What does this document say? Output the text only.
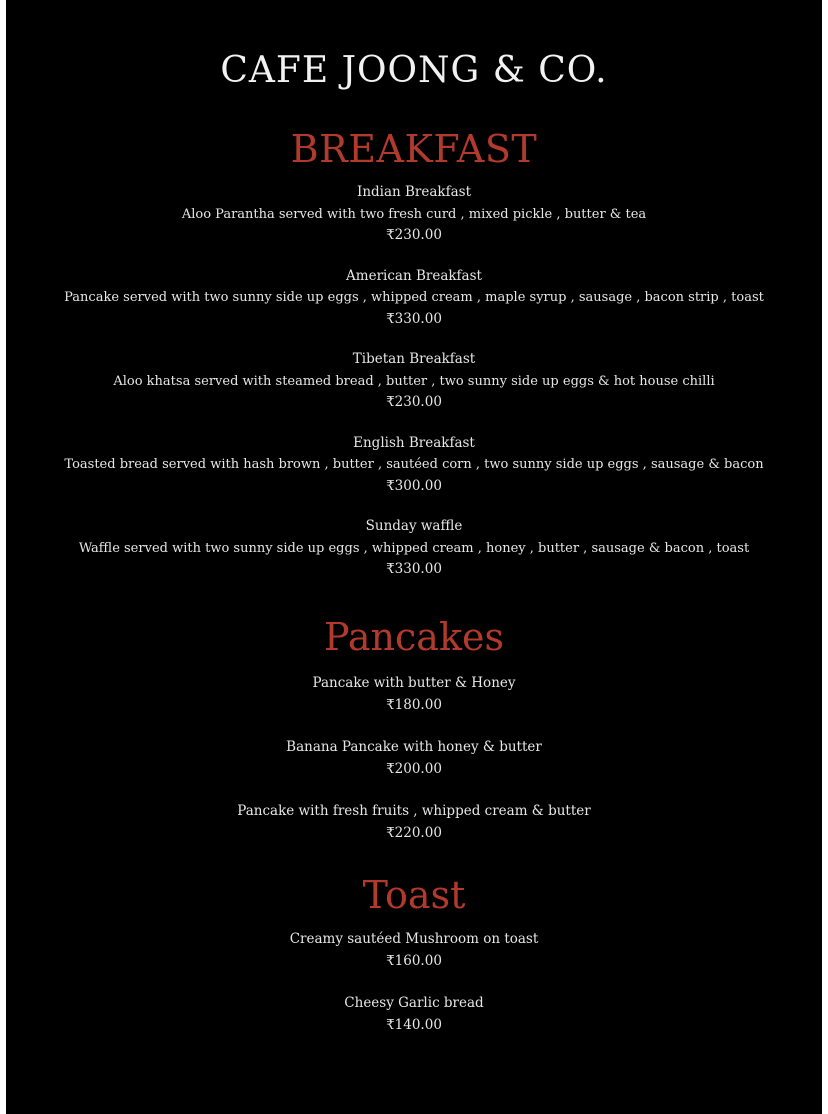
CAFE JOONG & CO.
BREAKFAST
Indian Breakfast
Aloo Parantha served with two fresh curd , mixed pickle , butter & tea
₹230.00
American Breakfast
Pancake served with two sunny side up eggs , whipped cream , maple syrup , sausage , bacon strip , toast
₹330.00
Tibetan Breakfast
Aloo khatsa served with steamed bread , butter , two sunny side up eggs & hot house chilli
₹230.00
English Breakfast
Toasted bread served with hash brown , butter , sautéed corn , two sunny side up eggs , sausage & bacon
₹300.00
Sunday waffle
Waffle served with two sunny side up eggs , whipped cream , honey , butter , sausage & bacon , toast
₹330.00
Pancakes
Pancake with butter & Honey
₹180.00
Banana Pancake with honey & butter
₹200.00
Pancake with fresh fruits , whipped cream & butter
₹220.00
Toast
Creamy sautéed Mushroom on toast
₹160.00
Cheesy Garlic bread
₹140.00
